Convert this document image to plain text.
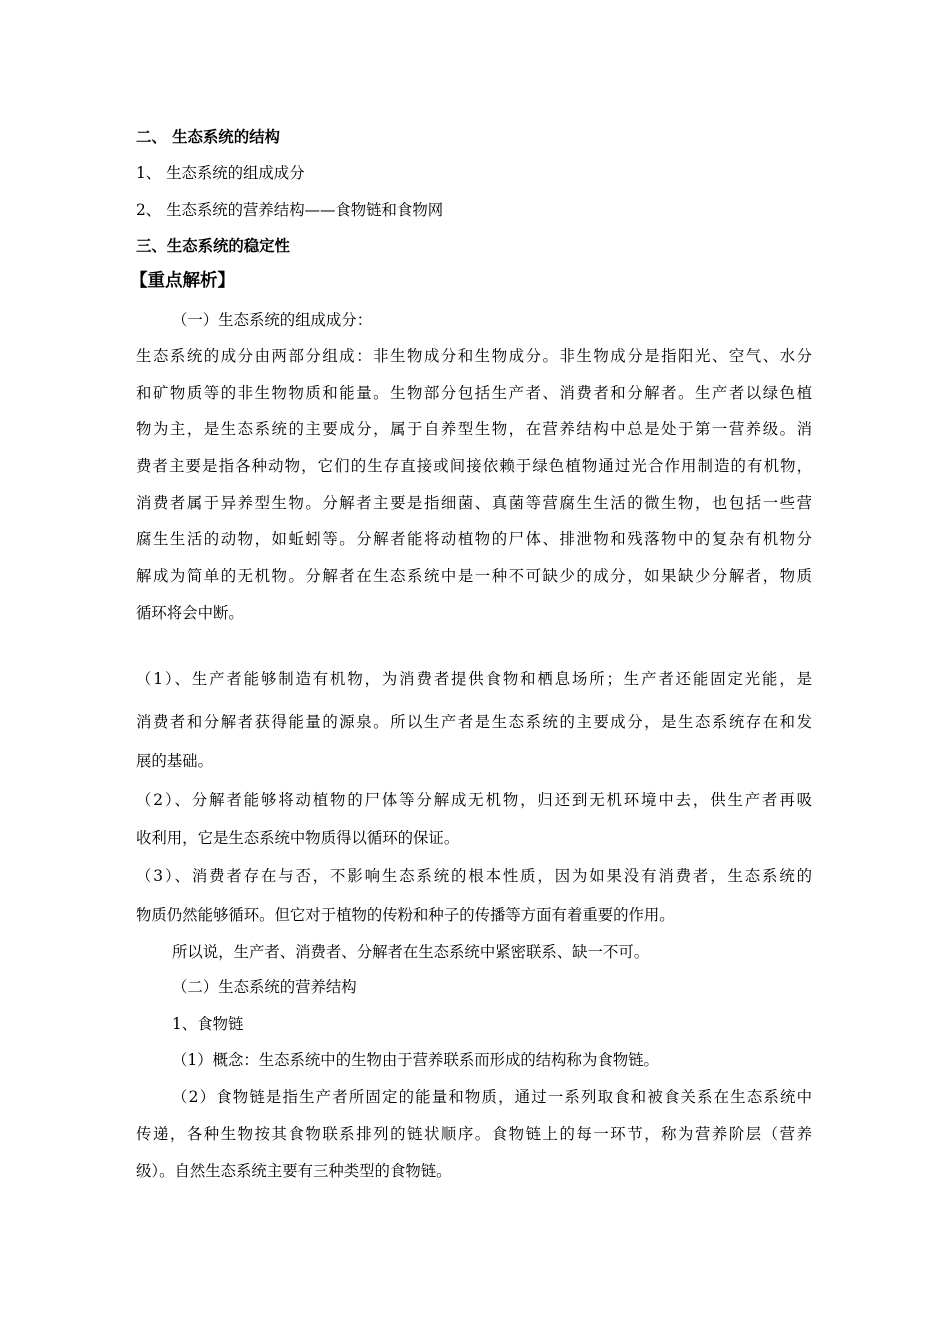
二、 生态系统的结构
1、 生态系统的组成成分
2、 生态系统的营养结构——食物链和食物网
三、生态系统的稳定性
【重点解析】
（一）生态系统的组成成分：
生态系统的成分由两部分组成：非生物成分和生物成分。非生物成分是指阳光、空气、水分
和矿物质等的非生物物质和能量。生物部分包括生产者、消费者和分解者。生产者以绿色植
物为主，是生态系统的主要成分，属于自养型生物，在营养结构中总是处于第一营养级。消
费者主要是指各种动物，它们的生存直接或间接依赖于绿色植物通过光合作用制造的有机物，
消费者属于异养型生物。分解者主要是指细菌、真菌等营腐生生活的微生物，也包括一些营
腐生生活的动物，如蚯蚓等。分解者能将动植物的尸体、排泄物和残落物中的复杂有机物分
解成为简单的无机物。分解者在生态系统中是一种不可缺少的成分，如果缺少分解者，物质
循环将会中断。
（1）、生产者能够制造有机物，为消费者提供食物和栖息场所；生产者还能固定光能，是
消费者和分解者获得能量的源泉。所以生产者是生态系统的主要成分，是生态系统存在和发
展的基础。
（2）、分解者能够将动植物的尸体等分解成无机物，归还到无机环境中去，供生产者再吸
收利用，它是生态系统中物质得以循环的保证。
（3）、消费者存在与否，不影响生态系统的根本性质，因为如果没有消费者，生态系统的
物质仍然能够循环。但它对于植物的传粉和种子的传播等方面有着重要的作用。
所以说，生产者、消费者、分解者在生态系统中紧密联系、缺一不可。
（二）生态系统的营养结构
1、食物链
（1）概念：生态系统中的生物由于营养联系而形成的结构称为食物链。
（2）食物链是指生产者所固定的能量和物质，通过一系列取食和被食关系在生态系统中
传递，各种生物按其食物联系排列的链状顺序。食物链上的每一环节，称为营养阶层（营养
级）。自然生态系统主要有三种类型的食物链。
